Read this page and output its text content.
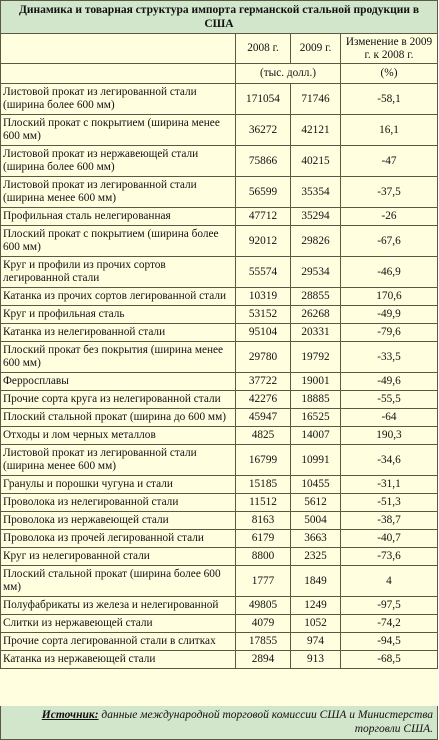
Динамика и товарная структура импорта германской стальной продукции в США			
	2008 г.	2009 г.	Изменение в 2009 г. к 2008 г.
	(тыс. долл.)		(%)
Листовой прокат из легированной стали (ширина более 600 мм)	171054	71746	-58,1
Плоский прокат с покрытием (ширина менее 600 мм)	36272	42121	16,1
Листовой прокат из нержавеющей стали (ширина более 600 мм)	75866	40215	-47
Листовой прокат из легированной стали (ширина менее 600 мм)	56599	35354	-37,5
Профильная сталь нелегированная	47712	35294	-26
Плоский прокат с покрытием (ширина более 600 мм)	92012	29826	-67,6
Круг и профили из прочих сортов легированной стали	55574	29534	-46,9
Катанка из прочих сортов легированной стали	10319	28855	170,6
Круг и профильная сталь	53152	26268	-49,9
Катанка из нелегированной стали	95104	20331	-79,6
Плоский прокат без покрытия (ширина менее 600 мм)	29780	19792	-33,5
Ферросплавы	37722	19001	-49,6
Прочие сорта круга из нелегированной стали	42276	18885	-55,5
Плоский стальной прокат (ширина до 600 мм)	45947	16525	-64
Отходы и лом черных металлов	4825	14007	190,3
Листовой прокат из легированной стали (ширина менее 600 мм)	16799	10991	-34,6
Гранулы и порошки чугуна и стали	15185	10455	-31,1
Проволока из нелегированной стали	11512	5612	-51,3
Проволока из нержавеющей стали	8163	5004	-38,7
Проволока из прочей легированной стали	6179	3663	-40,7
Круг из нелегированной стали	8800	2325	-73,6
Плоский стальной прокат (ширина более 600 мм)	1777	1849	4
Полуфабрикаты из железа и нелегированной	49805	1249	-97,5
Слитки из нержавеющей стали	4079	1052	-74,2
Прочие сорта легированной стали в слитках	17855	974	-94,5
Катанка из нержавеющей стали	2894	913	-68,5
Источник: данные международной торговой комиссии США и Министерства торговли США.
